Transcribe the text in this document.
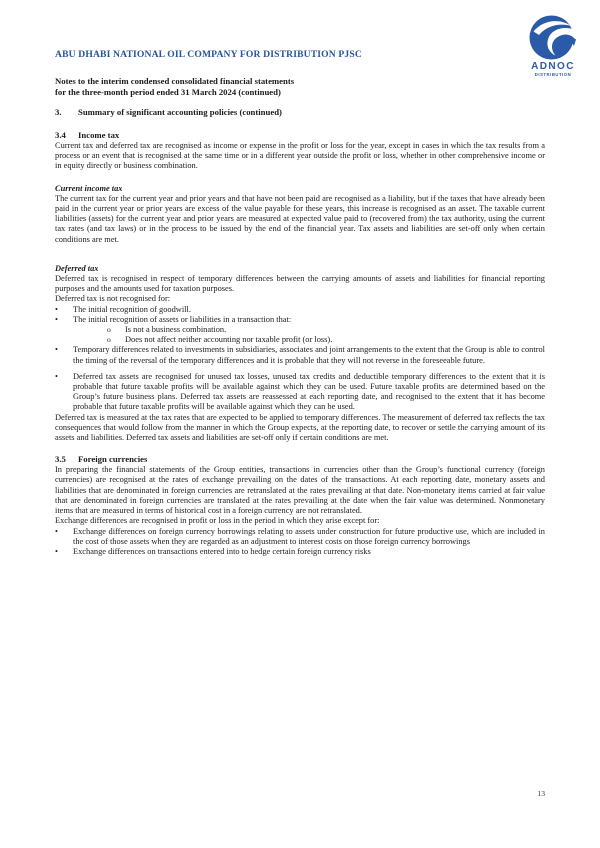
ADNOC
DISTRIBUTION
ABU DHABI NATIONAL OIL COMPANY FOR DISTRIBUTION PJSC
Notes to the interim condensed consolidated financial statements
for the three-month period ended 31 March 2024 (continued)
3.	Summary of significant accounting policies (continued)
3.4	Income tax

Current tax and deferred tax are recognised as income or expense in the profit or loss for the year, except in cases in which the tax results from a process or an event that is recognised at the same time or in a different year outside the profit or loss, whether in other comprehensive income or in equity directly or business combination.

Current income tax

The current tax for the current year and prior years and that have not been paid are recognised as a liability, but if the taxes that have already been paid in the current year or prior years are excess of the value payable for these years, this increase is recognised as an asset. The taxable current liabilities (assets) for the current year and prior years are measured at expected value paid to (recovered from) the tax authority, using the current tax rates (and tax laws) or in the process to be issued by the end of the financial year. Tax assets and liabilities are set-off only when certain conditions are met.

Deferred tax

Deferred tax is recognised in respect of temporary differences between the carrying amounts of assets and liabilities for financial reporting purposes and the amounts used for taxation purposes.

Deferred tax is not recognised for:

•	The initial recognition of goodwill.
•	The initial recognition of assets or liabilities in a transaction that:
o	Is not a business combination.
o	Does not affect neither accounting nor taxable profit (or loss).
•	Temporary differences related to investments in subsidiaries, associates and joint arrangements to the extent that the Group is able to control the timing of the reversal of the temporary differences and it is probable that they will not reverse in the foreseeable future.
•	Deferred tax assets are recognised for unused tax losses, unused tax credits and deductible temporary differences to the extent that it is probable that future taxable profits will be available against which they can be used. Future taxable profits are determined based on the Group’s future business plans. Deferred tax assets are reassessed at each reporting date, and recognised to the extent that it has become probable that future taxable profits will be available against which they can be used.

Deferred tax is measured at the tax rates that are expected to be applied to temporary differences. The measurement of deferred tax reflects the tax consequences that would follow from the manner in which the Group expects, at the reporting date, to recover or settle the carrying amount of its assets and liabilities. Deferred tax assets and liabilities are set-off only if certain conditions are met.

3.5	Foreign currencies

In preparing the financial statements of the Group entities, transactions in currencies other than the Group’s functional currency (foreign currencies) are recognised at the rates of exchange prevailing on the dates of the transactions. At each reporting date, monetary assets and liabilities that are denominated in foreign currencies are retranslated at the rates prevailing at that date. Non-monetary items carried at fair value that are denominated in foreign currencies are translated at the rates prevailing at the date when the fair value was determined. Nonmonetary items that are measured in terms of historical cost in a foreign currency are not retranslated.

Exchange differences are recognised in profit or loss in the period in which they arise except for:

•	Exchange differences on foreign currency borrowings relating to assets under construction for future productive use, which are included in the cost of those assets when they are regarded as an adjustment to interest costs on those foreign currency borrowings
•	Exchange differences on transactions entered into to hedge certain foreign currency risks
13
